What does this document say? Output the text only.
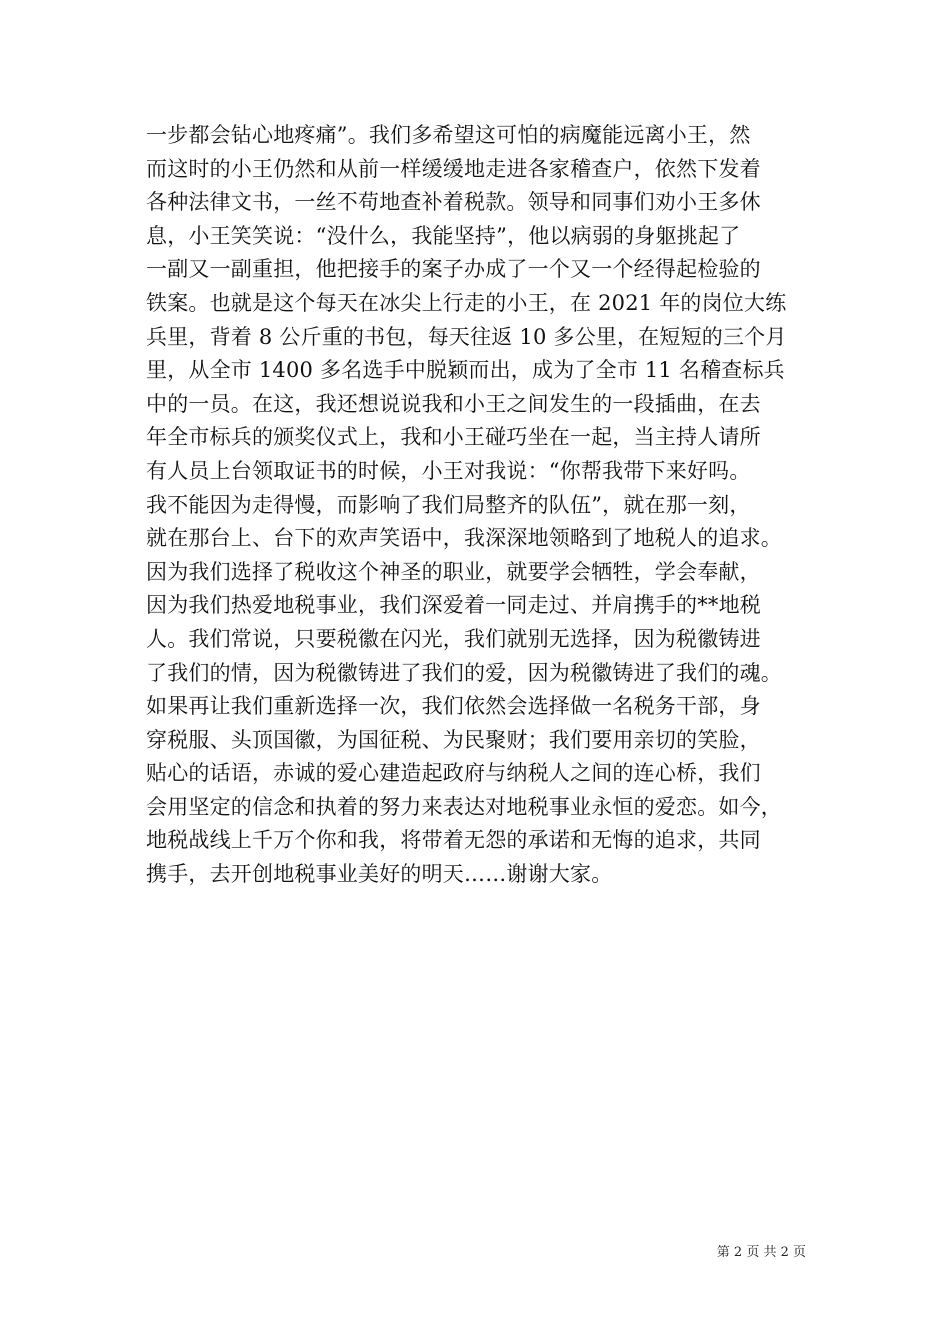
一步都会钻心地疼痛”。我们多希望这可怕的病魔能远离小王，然
而这时的小王仍然和从前一样缓缓地走进各家稽查户，依然下发着
各种法律文书，一丝不苟地查补着税款。领导和同事们劝小王多休
息，小王笑笑说：“没什么，我能坚持”，他以病弱的身躯挑起了
一副又一副重担，他把接手的案子办成了一个又一个经得起检验的
铁案。也就是这个每天在冰尖上行走的小王，在 2021 年的岗位大练
兵里，背着 8 公斤重的书包，每天往返 10 多公里，在短短的三个月
里，从全市 1400 多名选手中脱颖而出，成为了全市 11 名稽查标兵
中的一员。在这，我还想说说我和小王之间发生的一段插曲，在去
年全市标兵的颁奖仪式上，我和小王碰巧坐在一起，当主持人请所
有人员上台领取证书的时候，小王对我说：“你帮我带下来好吗。
我不能因为走得慢，而影响了我们局整齐的队伍”，就在那一刻，
就在那台上、台下的欢声笑语中，我深深地领略到了地税人的追求。
因为我们选择了税收这个神圣的职业，就要学会牺牲，学会奉献，
因为我们热爱地税事业，我们深爱着一同走过、并肩携手的**地税
人。我们常说，只要税徽在闪光，我们就别无选择，因为税徽铸进
了我们的情，因为税徽铸进了我们的爱，因为税徽铸进了我们的魂。
如果再让我们重新选择一次，我们依然会选择做一名税务干部，身
穿税服、头顶国徽，为国征税、为民聚财；我们要用亲切的笑脸，
贴心的话语，赤诚的爱心建造起政府与纳税人之间的连心桥，我们
会用坚定的信念和执着的努力来表达对地税事业永恒的爱恋。如今，
地税战线上千万个你和我，将带着无怨的承诺和无悔的追求，共同
携手，去开创地税事业美好的明天……谢谢大家。
第 2 页 共 2 页
